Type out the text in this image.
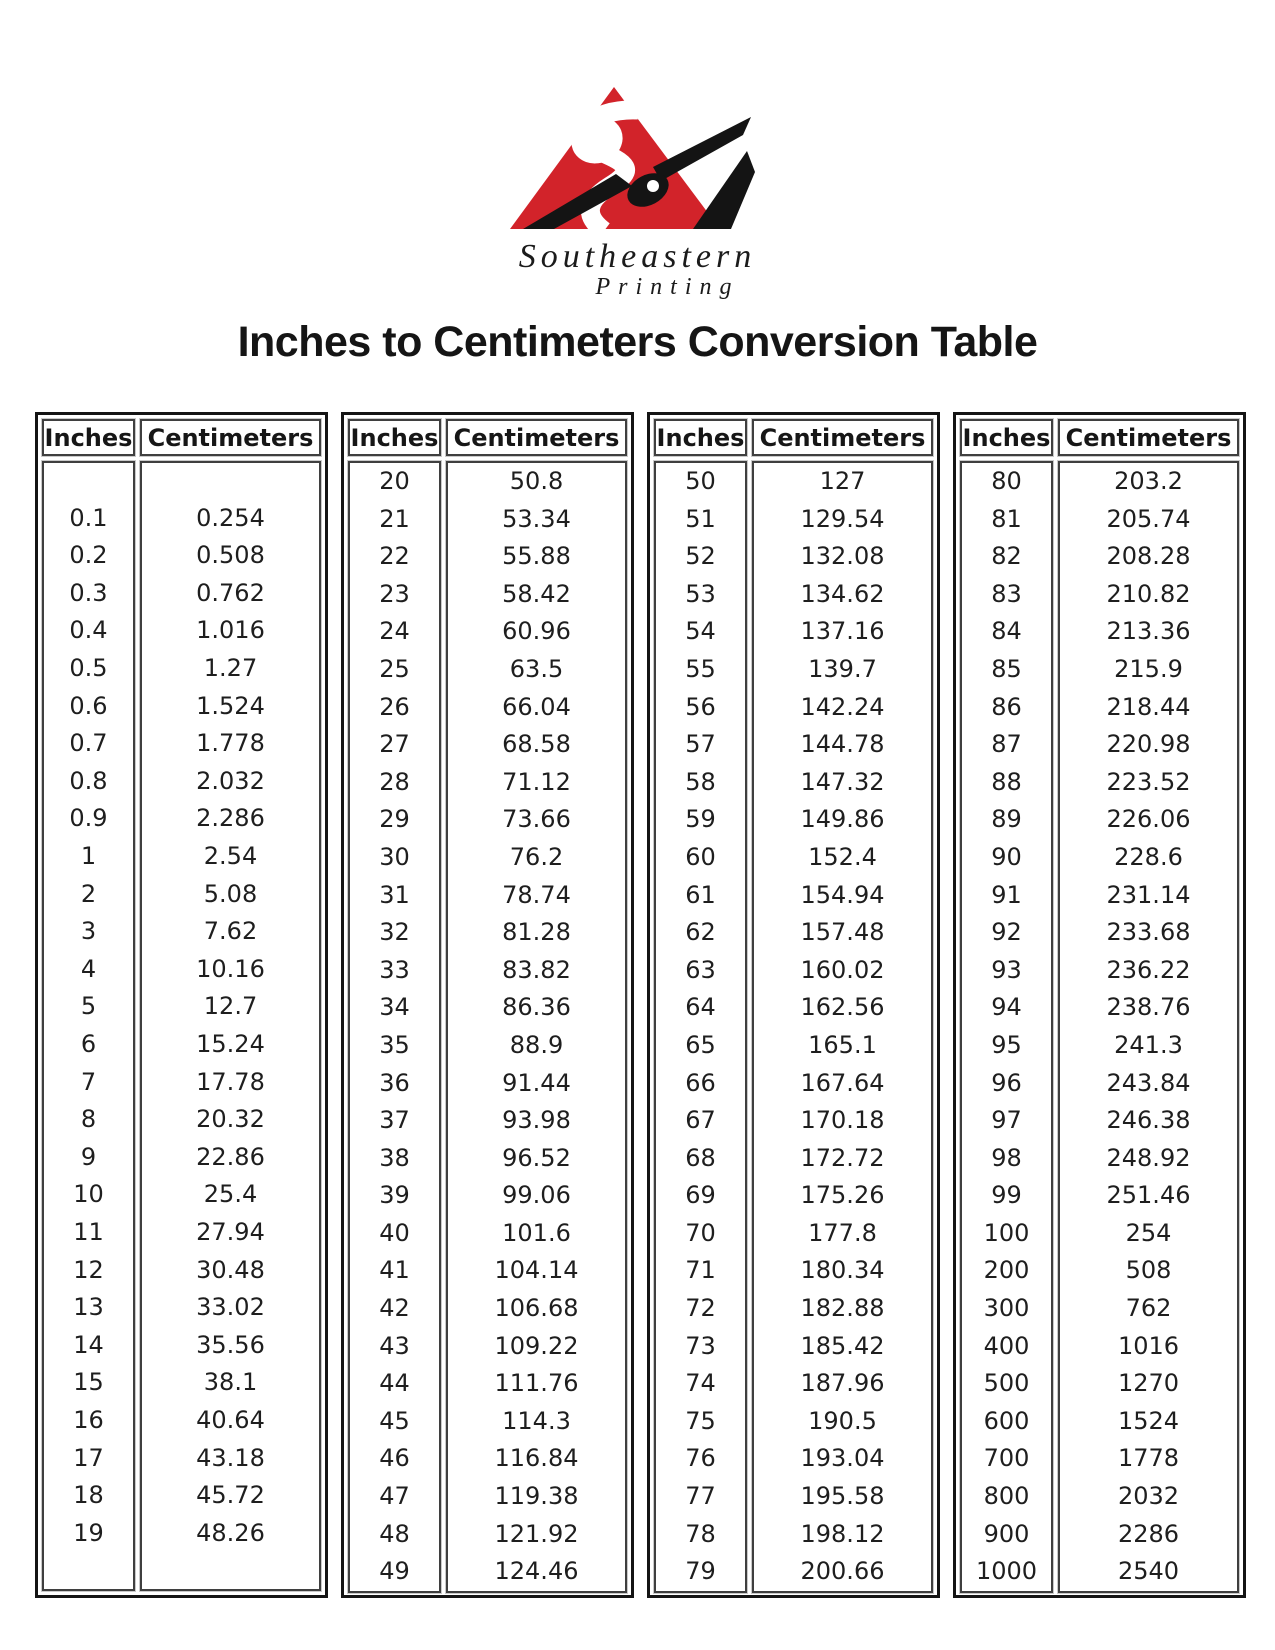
Southeastern
Printing
Inches to Centimeters Conversion Table
Inches Centimeters
0.1
0.2
0.3
0.4
0.5
0.6
0.7
0.8
0.9
1
2
3
4
5
6
7
8
9
10
11
12
13
14
15
16
17
18
19
0.254
0.508
0.762
1.016
1.27
1.524
1.778
2.032
2.286
2.54
5.08
7.62
10.16
12.7
15.24
17.78
20.32
22.86
25.4
27.94
30.48
33.02
35.56
38.1
40.64
43.18
45.72
48.26
Inches Centimeters
20
21
22
23
24
25
26
27
28
29
30
31
32
33
34
35
36
37
38
39
40
41
42
43
44
45
46
47
48
49
50.8
53.34
55.88
58.42
60.96
63.5
66.04
68.58
71.12
73.66
76.2
78.74
81.28
83.82
86.36
88.9
91.44
93.98
96.52
99.06
101.6
104.14
106.68
109.22
111.76
114.3
116.84
119.38
121.92
124.46
Inches Centimeters
50
51
52
53
54
55
56
57
58
59
60
61
62
63
64
65
66
67
68
69
70
71
72
73
74
75
76
77
78
79
127
129.54
132.08
134.62
137.16
139.7
142.24
144.78
147.32
149.86
152.4
154.94
157.48
160.02
162.56
165.1
167.64
170.18
172.72
175.26
177.8
180.34
182.88
185.42
187.96
190.5
193.04
195.58
198.12
200.66
Inches Centimeters
80
81
82
83
84
85
86
87
88
89
90
91
92
93
94
95
96
97
98
99
100
200
300
400
500
600
700
800
900
1000
203.2
205.74
208.28
210.82
213.36
215.9
218.44
220.98
223.52
226.06
228.6
231.14
233.68
236.22
238.76
241.3
243.84
246.38
248.92
251.46
254
508
762
1016
1270
1524
1778
2032
2286
2540
